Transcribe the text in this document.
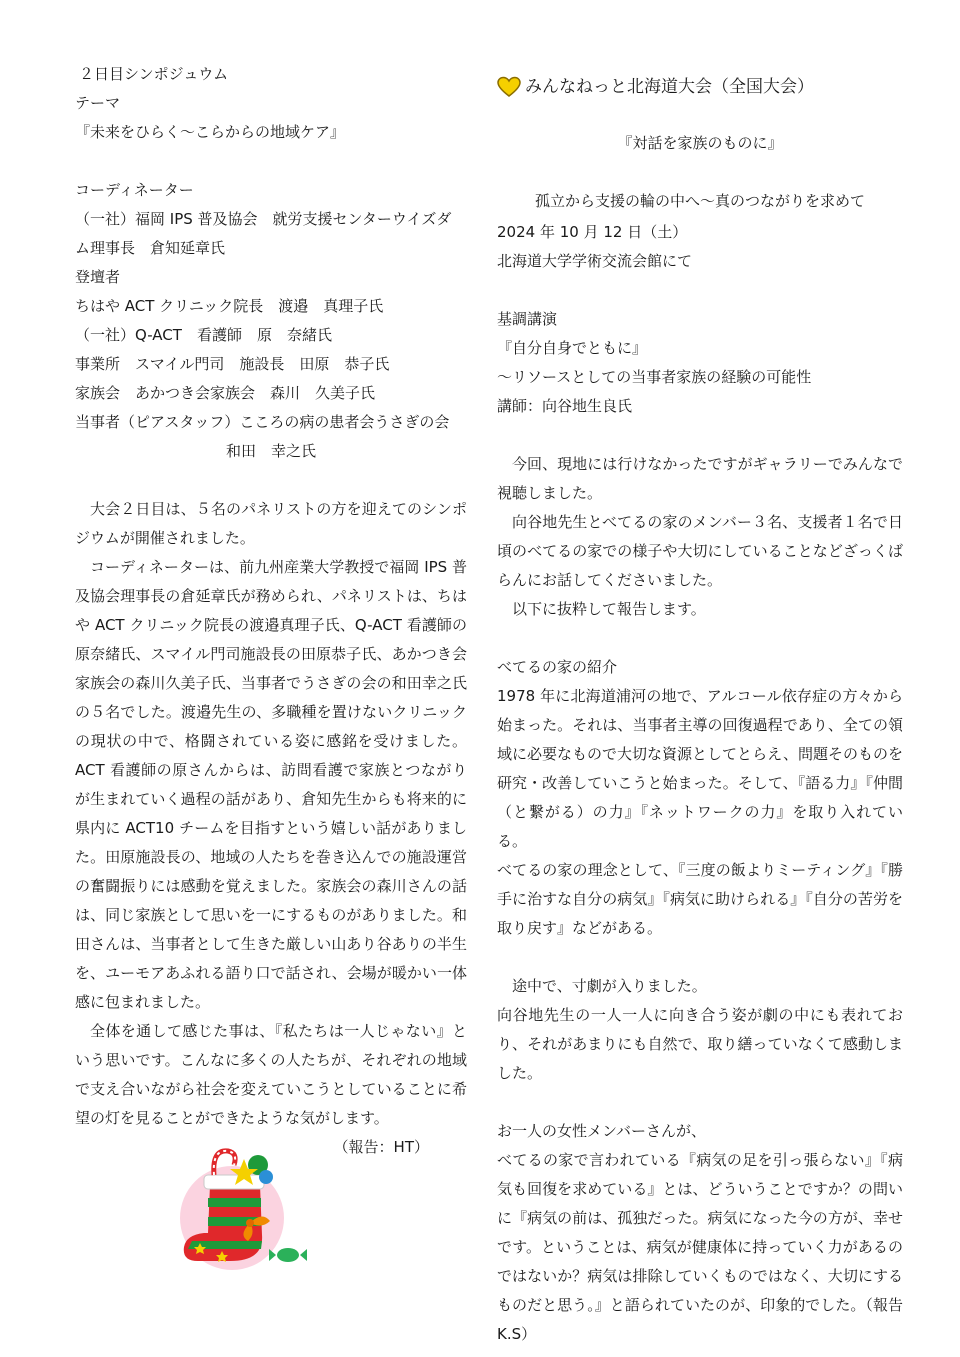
２日目シンポジュウム
テーマ
『未来をひらく～こらからの地域ケア』
コーディネーター
（一社）福岡 IPS 普及協会　就労支援センターウイズダ
ム理事長　倉知延章氏
登壇者
ちはや ACT クリニック院長　渡邉　真理子氏
（一社）Q-ACT　看護師　原　奈緒氏
事業所　スマイル門司　施設長　田原　恭子氏
家族会　あかつき会家族会　森川　久美子氏
当事者（ピアスタッフ）こころの病の患者会うさぎの会
和田　幸之氏
大会２日目は、５名のパネリストの方を迎えてのシンポジウムが開催されました。
コーディネーターは、前九州産業大学教授で福岡 IPS 普及協会理事長の倉延章氏が務められ、パネリストは、ちはや ACT クリニック院長の渡邉真理子氏、Q-ACT 看護師の原奈緒氏、スマイル門司施設長の田原恭子氏、あかつき会家族会の森川久美子氏、当事者でうさぎの会の和田幸之氏の５名でした。渡邉先生の、多職種を置けないクリニックの現状の中で、格闘されている姿に感銘を受けました。ACT 看護師の原さんからは、訪問看護で家族とつながりが生まれていく過程の話があり、倉知先生からも将来的に県内に ACT10 チームを目指すという嬉しい話がありました。田原施設長の、地域の人たちを巻き込んでの施設運営の奮闘振りには感動を覚えました。家族会の森川さんの話は、同じ家族として思いを一にするものがありました。和田さんは、当事者として生きた厳しい山あり谷ありの半生を、ユーモアあふれる語り口で話され、会場が暖かい一体感に包まれました。
全体を通して感じた事は、『私たちは一人じゃない』という思いです。こんなに多くの人たちが、それぞれの地域で支え合いながら社会を変えていこうとしていることに希望の灯を見ることができたような気がします。
（報告：HT）
みんなねっと北海道大会（全国大会）
『対話を家族のものに』
孤立から支援の輪の中へ～真のつながりを求めて
2024 年 10 月 12 日（土）
北海道大学学術交流会館にて
基調講演
『自分自身でともに』
～リソースとしての当事者家族の経験の可能性
講師：向谷地生良氏
今回、現地には行けなかったですがギャラリーでみんなで視聴しました。
向谷地先生とべてるの家のメンバー３名、支援者１名で日頃のべてるの家での様子や大切にしていることなどざっくばらんにお話してくださいました。
以下に抜粋して報告します。
べてるの家の紹介
1978 年に北海道浦河の地で、アルコール依存症の方々から始まった。それは、当事者主導の回復過程であり、全ての領域に必要なもので大切な資源としてとらえ、問題そのものを研究・改善していこうと始まった。そして、『語る力』『仲間（と繋がる）の力』『ネットワークの力』を取り入れている。
べてるの家の理念として、『三度の飯よりミーティング』『勝手に治すな自分の病気』『病気に助けられる』『自分の苦労を取り戻す』などがある。
途中で、寸劇が入りました。
向谷地先生の一人一人に向き合う姿が劇の中にも表れており、それがあまりにも自然で、取り繕っていなくて感動しました。
お一人の女性メンバーさんが、
べてるの家で言われている『病気の足を引っ張らない』『病気も回復を求めている』とは、どういうことですか？の問いに『病気の前は、孤独だった。病気になった今の方が、幸せです。ということは、病気が健康体に持っていく力があるのではないか？病気は排除していくものではなく、大切にするものだと思う。』と語られていたのが、印象的でした。（報告 K.S）
